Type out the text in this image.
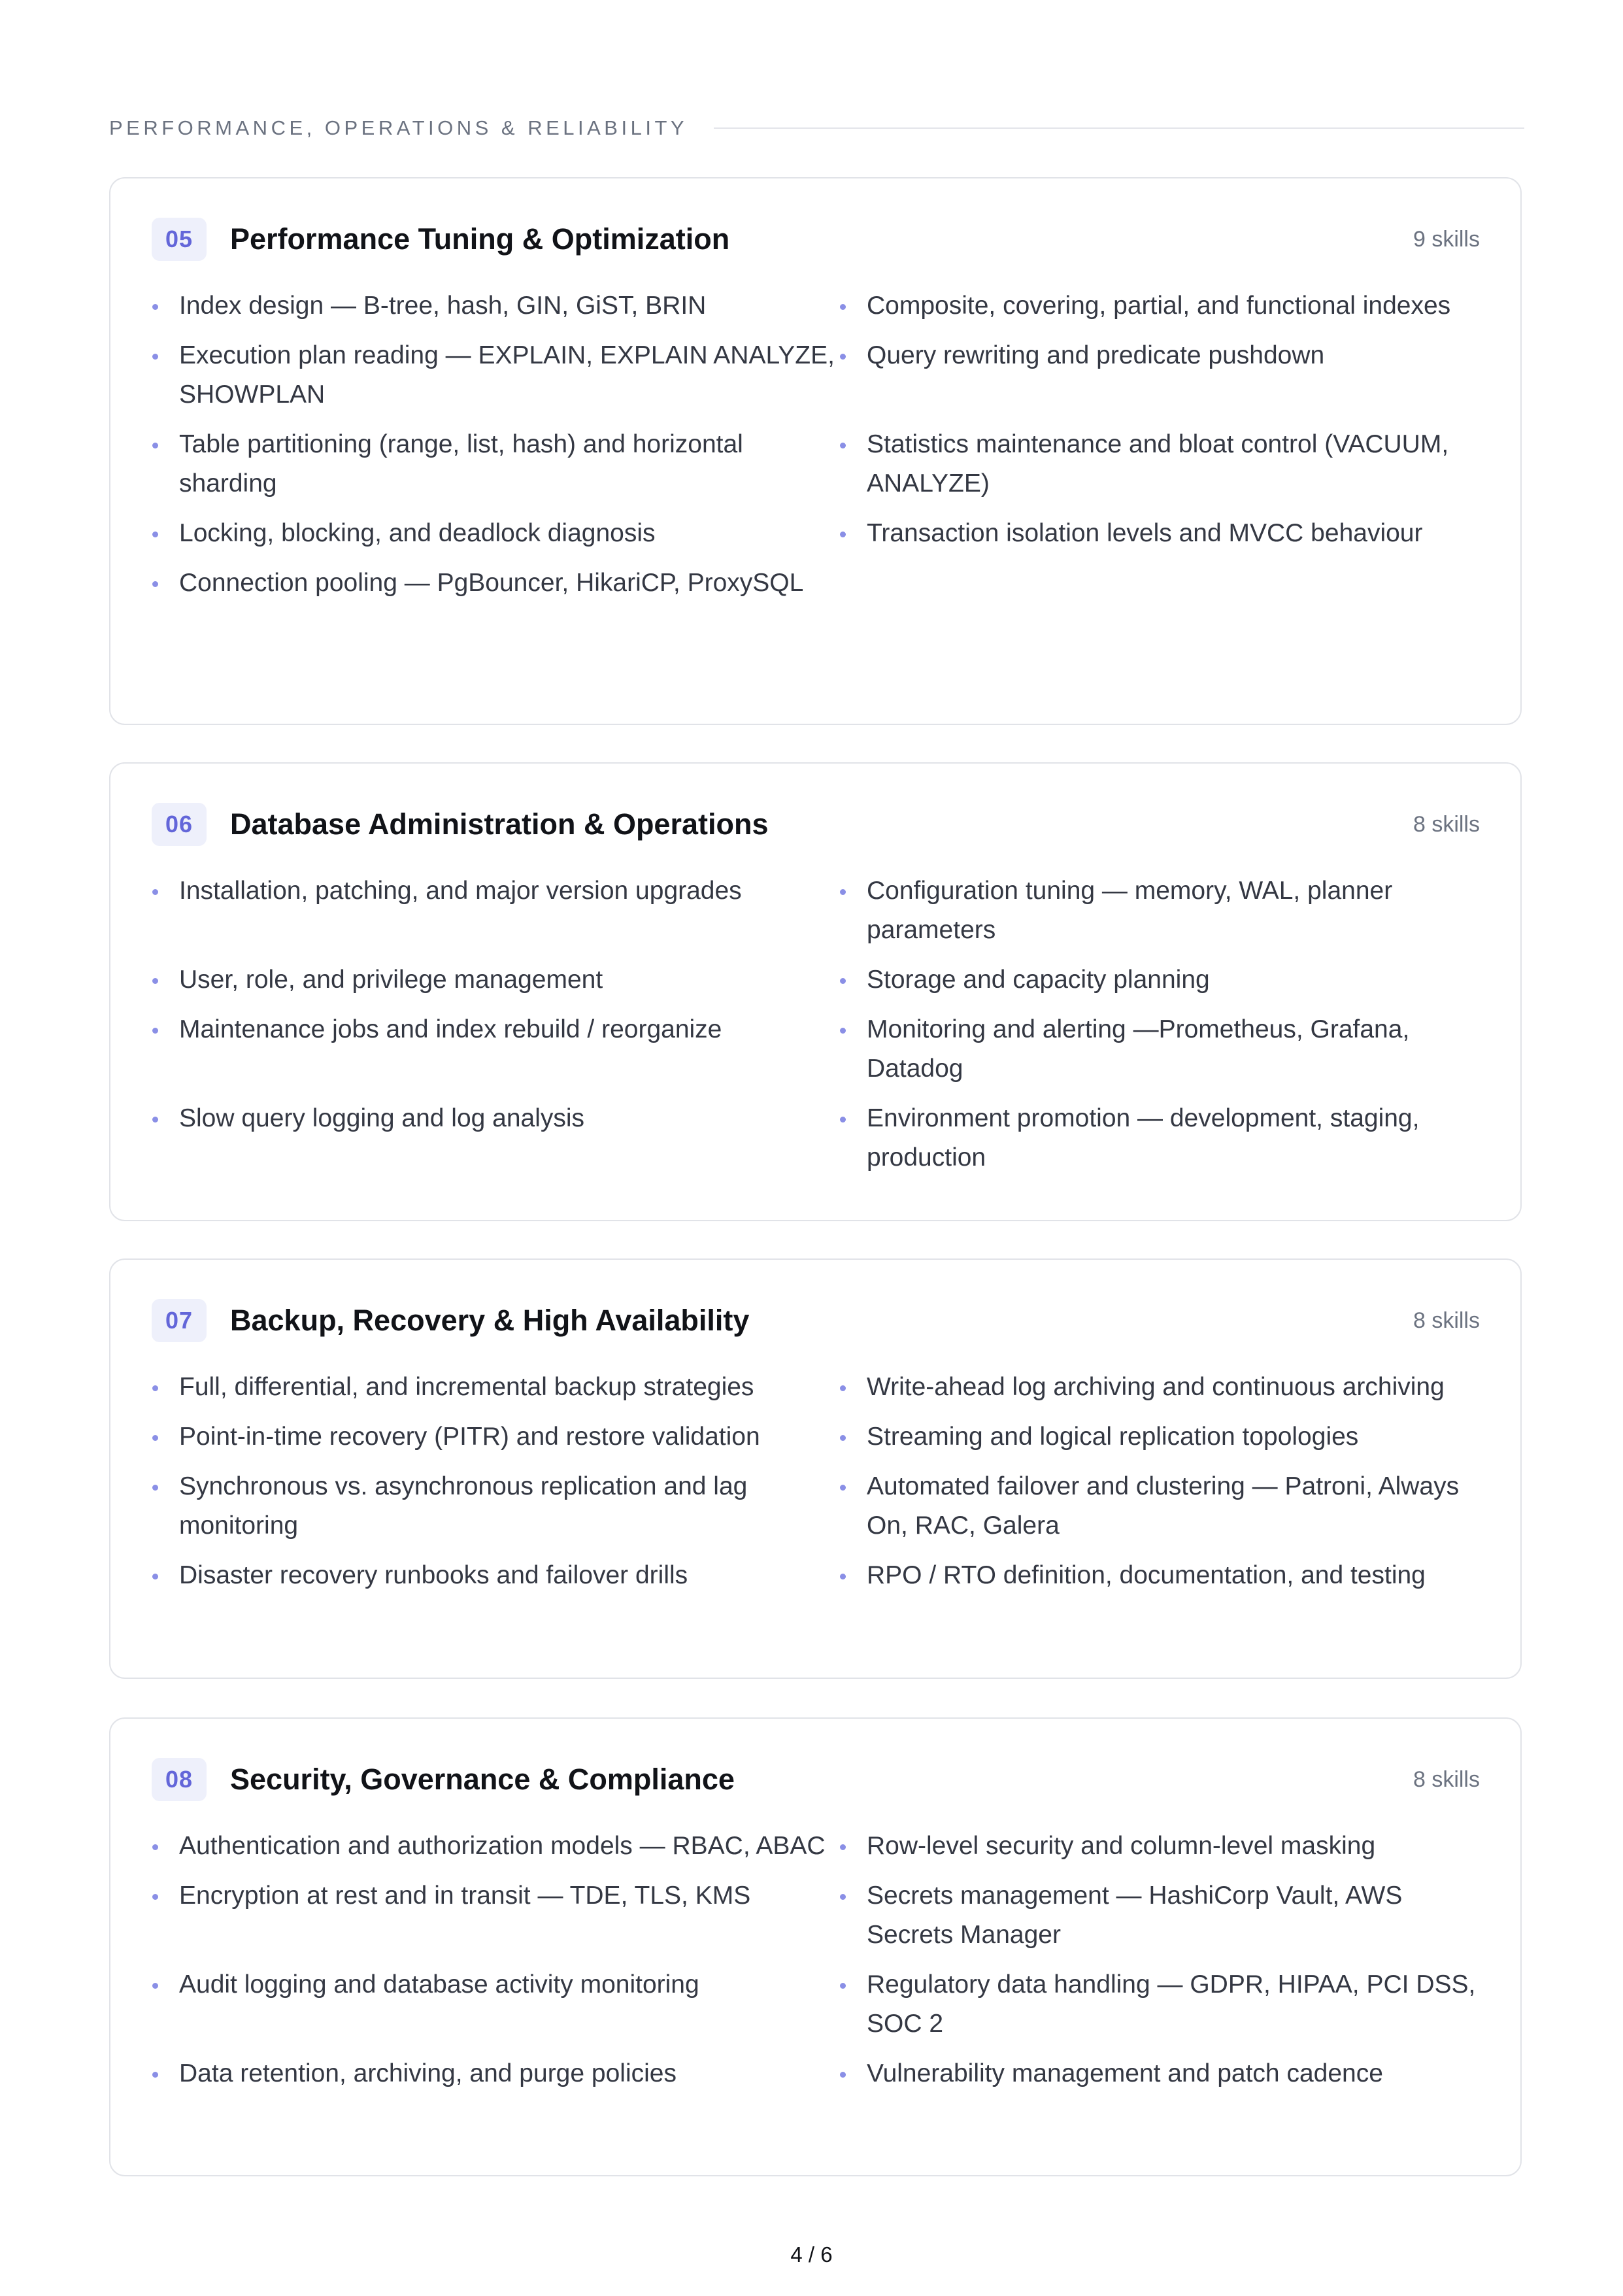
PERFORMANCE, OPERATIONS & RELIABILITY
05	Performance Tuning & Optimization	9 skills
Index design — B-tree, hash, GIN, GiST, BRIN	Composite, covering, partial, and functional indexes
Execution plan reading — EXPLAIN, EXPLAIN ANALYZE, SHOWPLAN
Query rewriting and predicate pushdown
Table partitioning (range, list, hash) and horizontal sharding
Statistics maintenance and bloat control (VACUUM, ANALYZE)
Locking, blocking, and deadlock diagnosis	Transaction isolation levels and MVCC behaviour
Connection pooling — PgBouncer, HikariCP, ProxySQL
06	Database Administration & Operations	8 skills
Installation, patching, and major version upgrades	Configuration tuning — memory, WAL, planner parameters
User, role, and privilege management	Storage and capacity planning
Maintenance jobs and index rebuild / reorganize	Monitoring and alerting —Prometheus, Grafana, Datadog
Slow query logging and log analysis	Environment promotion — development, staging, production
07	Backup, Recovery & High Availability	8 skills
Full, differential, and incremental backup strategies	Write-ahead log archiving and continuous archiving
Point-in-time recovery (PITR) and restore validation	Streaming and logical replication topologies
Synchronous vs. asynchronous replication and lag monitoring
Automated failover and clustering — Patroni, Always On, RAC, Galera
Disaster recovery runbooks and failover drills	RPO / RTO definition, documentation, and testing
08	Security, Governance & Compliance	8 skills
Authentication and authorization models — RBAC, ABAC	Row-level security and column-level masking
Encryption at rest and in transit — TDE, TLS, KMS	Secrets management — HashiCorp Vault, AWS Secrets Manager
Audit logging and database activity monitoring	Regulatory data handling — GDPR, HIPAA, PCI DSS, SOC 2
Data retention, archiving, and purge policies	Vulnerability management and patch cadence
4 / 6
